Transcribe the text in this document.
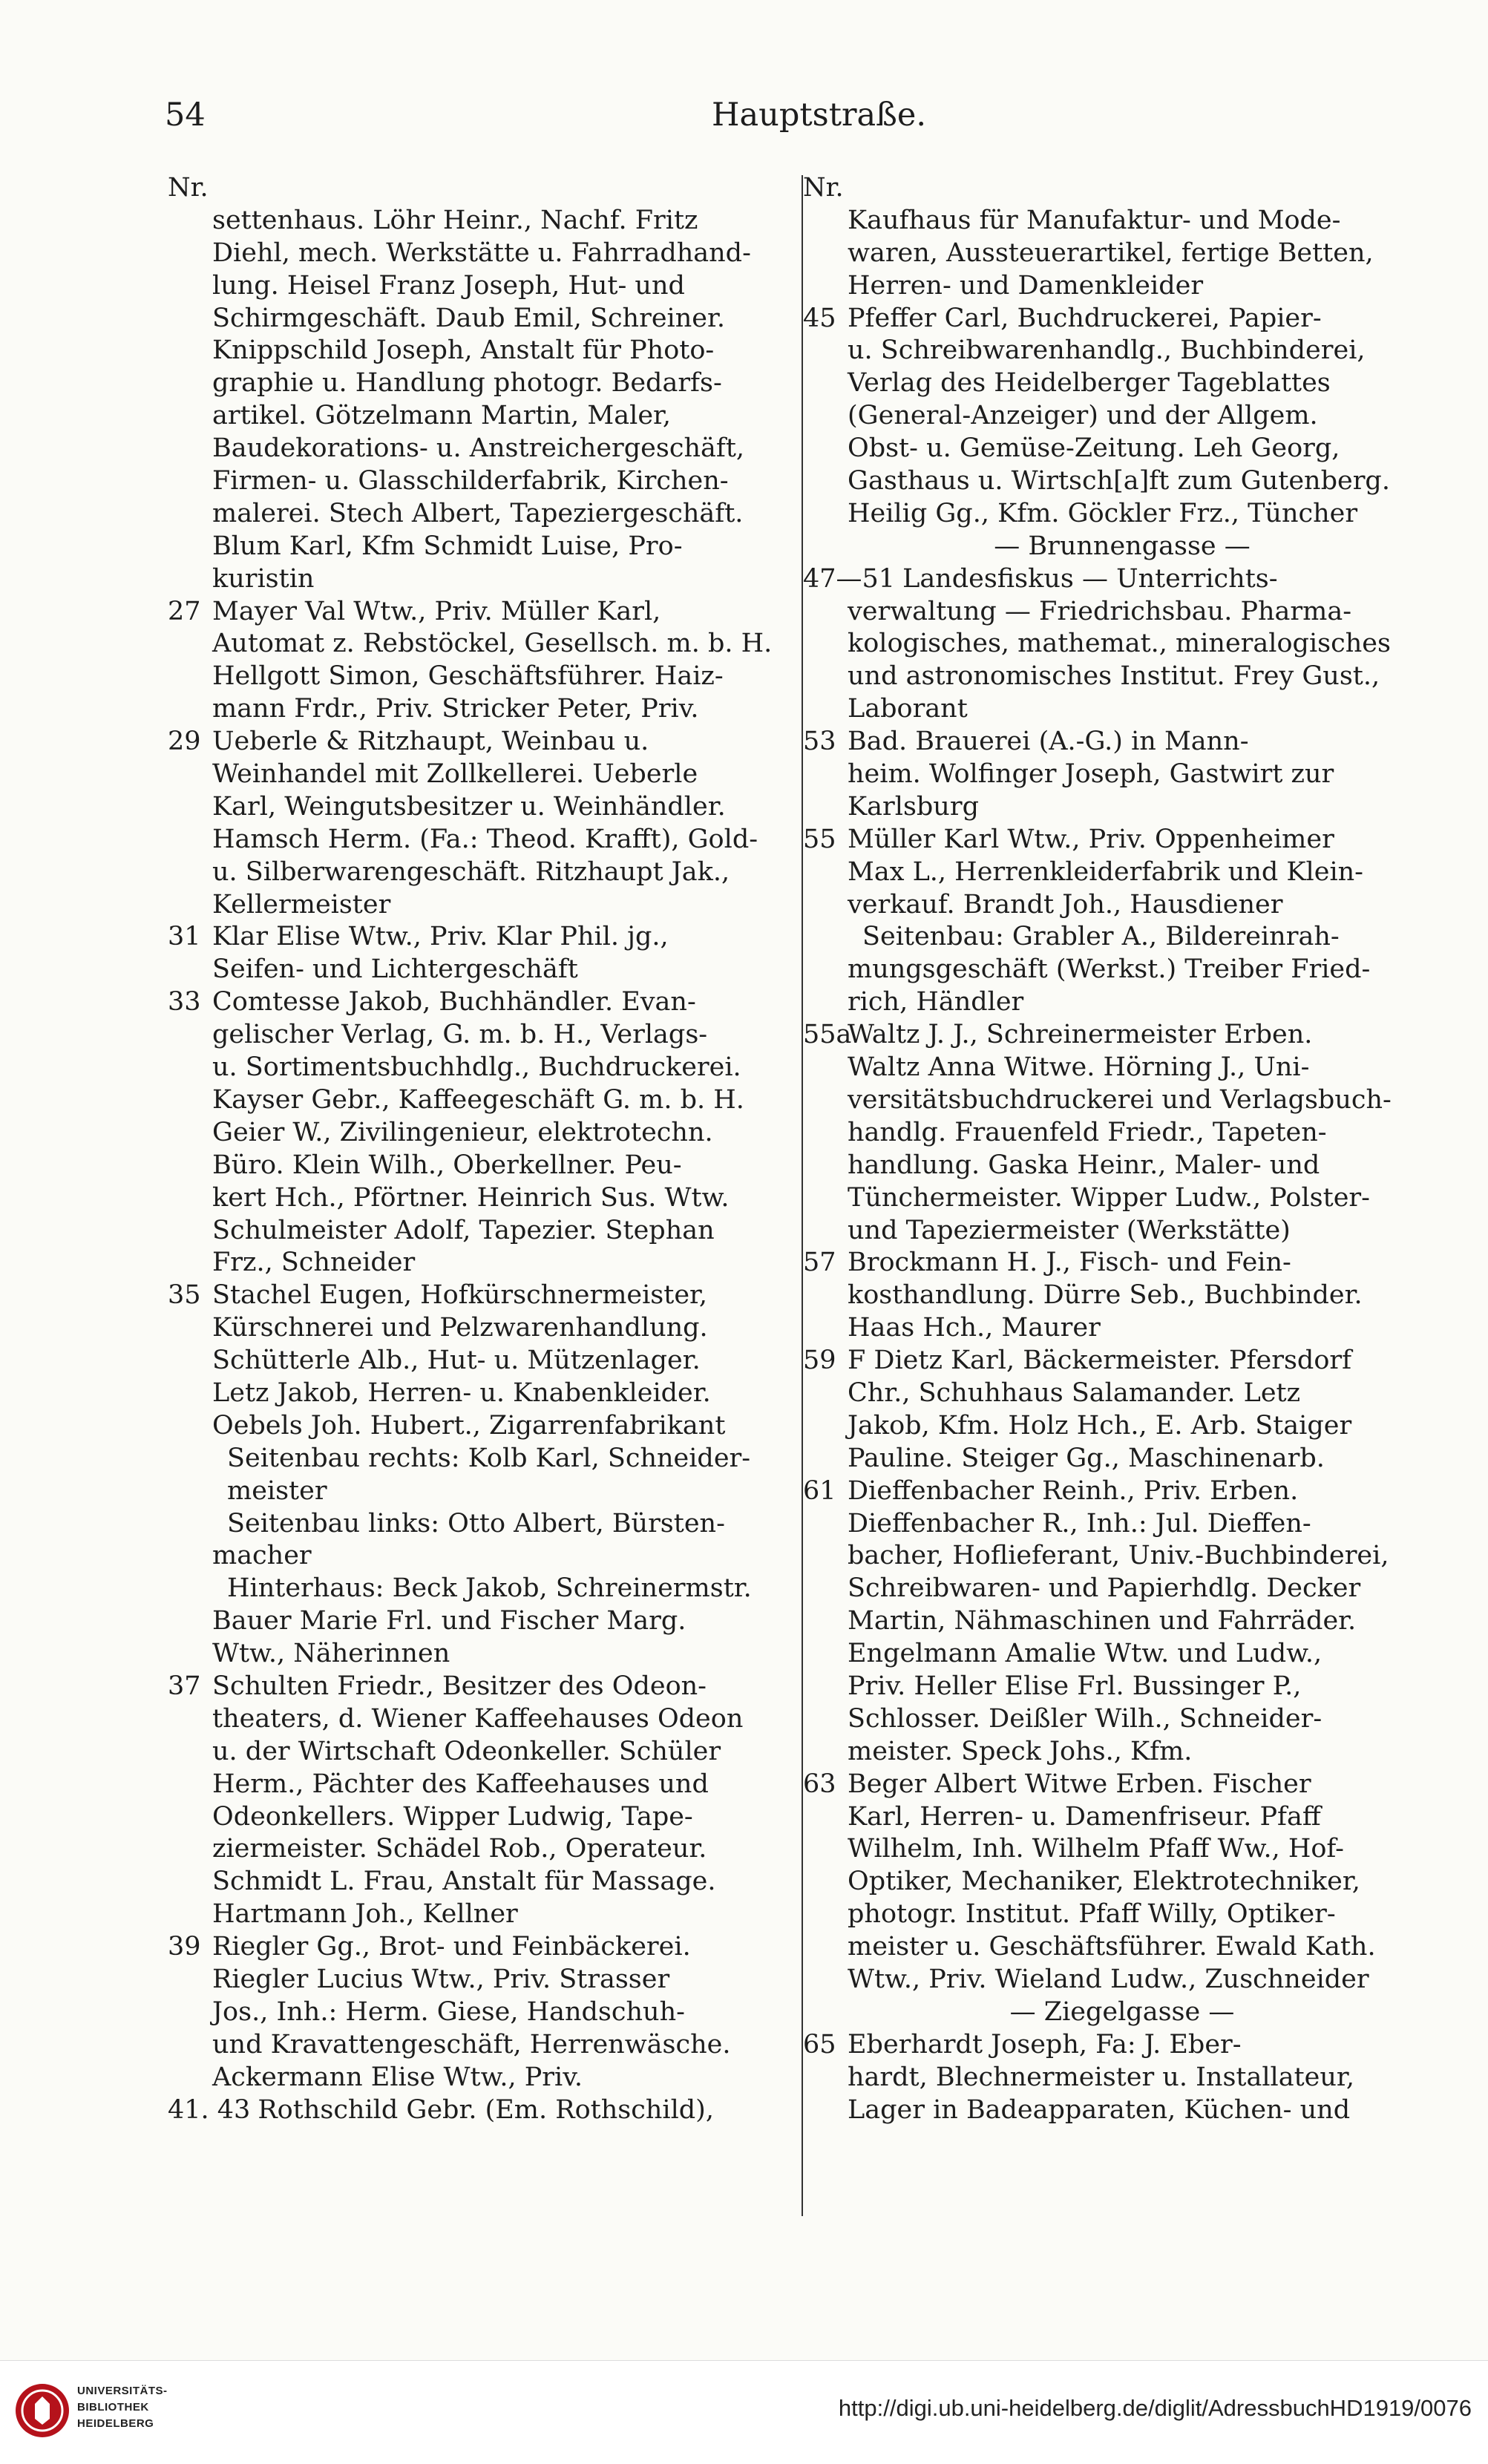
54	Hauptstraße.
Nr.
settenhaus. Löhr Heinr., Nachf. Fritz
Diehl, mech. Werkstätte u. Fahrradhand-
lung. Heisel Franz Joseph, Hut- und
Schirmgeschäft. Daub Emil, Schreiner.
Knippschild Joseph, Anstalt für Photo-
graphie u. Handlung photogr. Bedarfs-
artikel. Götzelmann Martin, Maler,
Baudekorations- u. Anstreichergeschäft,
Firmen- u. Glasschilderfabrik, Kirchen-
malerei. Stech Albert, Tapeziergeschäft.
Blum Karl, Kfm Schmidt Luise, Pro-
kuristin
27 Mayer Val Wtw., Priv. Müller Karl,
Automat z. Rebstöckel, Gesellsch. m. b. H.
Hellgott Simon, Geschäftsführer. Haiz-
mann Frdr., Priv. Stricker Peter, Priv.
29 Ueberle & Ritzhaupt, Weinbau u.
Weinhandel mit Zollkellerei. Ueberle
Karl, Weingutsbesitzer u. Weinhändler.
Hamsch Herm. (Fa.: Theod. Krafft), Gold-
u. Silberwarengeschäft. Ritzhaupt Jak.,
Kellermeister
31 Klar Elise Wtw., Priv. Klar Phil. jg.,
Seifen- und Lichtergeschäft
33 Comtesse Jakob, Buchhändler. Evan-
gelischer Verlag, G. m. b. H., Verlags-
u. Sortimentsbuchhdlg., Buchdruckerei.
Kayser Gebr., Kaffeegeschäft G. m. b. H.
Geier W., Zivilingenieur, elektrotechn.
Büro. Klein Wilh., Oberkellner. Peu-
kert Hch., Pförtner. Heinrich Sus. Wtw.
Schulmeister Adolf, Tapezier. Stephan
Frz., Schneider
35 Stachel Eugen, Hofkürschnermeister,
Kürschnerei und Pelzwarenhandlung.
Schütterle Alb., Hut- u. Mützenlager.
Letz Jakob, Herren- u. Knabenkleider.
Oebels Joh. Hubert., Zigarrenfabrikant
Seitenbau rechts: Kolb Karl, Schneider-
meister
Seitenbau links: Otto Albert, Bürsten-
macher
Hinterhaus: Beck Jakob, Schreinermstr.
Bauer Marie Frl. und Fischer Marg.
Wtw., Näherinnen
37 Schulten Friedr., Besitzer des Odeon-
theaters, d. Wiener Kaffeehauses Odeon
u. der Wirtschaft Odeonkeller. Schüler
Herm., Pächter des Kaffeehauses und
Odeonkellers. Wipper Ludwig, Tape-
ziermeister. Schädel Rob., Operateur.
Schmidt L. Frau, Anstalt für Massage.
Hartmann Joh., Kellner
39 Riegler Gg., Brot- und Feinbäckerei.
Riegler Lucius Wtw., Priv. Strasser
Jos., Inh.: Herm. Giese, Handschuh-
und Kravattengeschäft, Herrenwäsche.
Ackermann Elise Wtw., Priv.
41. 43 Rothschild Gebr. (Em. Rothschild),
Nr.
Kaufhaus für Manufaktur- und Mode-
waren, Aussteuerartikel, fertige Betten,
Herren- und Damenkleider
45 Pfeffer Carl, Buchdruckerei, Papier-
u. Schreibwarenhandlg., Buchbinderei,
Verlag des Heidelberger Tageblattes
(General-Anzeiger) und der Allgem.
Obst- u. Gemüse-Zeitung. Leh Georg,
Gasthaus u. Wirtsch[a]ft zum Gutenberg.
Heilig Gg., Kfm. Göckler Frz., Tüncher
— Brunnengasse —
47—51 Landesfiskus — Unterrichts-
verwaltung — Friedrichsbau. Pharma-
kologisches, mathemat., mineralogisches
und astronomisches Institut. Frey Gust.,
Laborant
53 Bad. Brauerei (A.-G.) in Mann-
heim. Wolfinger Joseph, Gastwirt zur
Karlsburg
55 Müller Karl Wtw., Priv. Oppenheimer
Max L., Herrenkleiderfabrik und Klein-
verkauf. Brandt Joh., Hausdiener
Seitenbau: Grabler A., Bildereinrah-
mungsgeschäft (Werkst.) Treiber Fried-
rich, Händler
55aWaltz J. J., Schreinermeister Erben.
Waltz Anna Witwe. Hörning J., Uni-
versitätsbuchdruckerei und Verlagsbuch-
handlg. Frauenfeld Friedr., Tapeten-
handlung. Gaska Heinr., Maler- und
Tünchermeister. Wipper Ludw., Polster-
und Tapeziermeister (Werkstätte)
57 Brockmann H. J., Fisch- und Fein-
kosthandlung. Dürre Seb., Buchbinder.
Haas Hch., Maurer
59 F Dietz Karl, Bäckermeister. Pfersdorf
Chr., Schuhhaus Salamander. Letz
Jakob, Kfm. Holz Hch., E. Arb. Staiger
Pauline. Steiger Gg., Maschinenarb.
61 Dieffenbacher Reinh., Priv. Erben.
Dieffenbacher R., Inh.: Jul. Dieffen-
bacher, Hoflieferant, Univ.-Buchbinderei,
Schreibwaren- und Papierhdlg. Decker
Martin, Nähmaschinen und Fahrräder.
Engelmann Amalie Wtw. und Ludw.,
Priv. Heller Elise Frl. Bussinger P.,
Schlosser. Deißler Wilh., Schneider-
meister. Speck Johs., Kfm.
63 Beger Albert Witwe Erben. Fischer
Karl, Herren- u. Damenfriseur. Pfaff
Wilhelm, Inh. Wilhelm Pfaff Ww., Hof-
Optiker, Mechaniker, Elektrotechniker,
photogr. Institut. Pfaff Willy, Optiker-
meister u. Geschäftsführer. Ewald Kath.
Wtw., Priv. Wieland Ludw., Zuschneider
— Ziegelgasse —
65 Eberhardt Joseph, Fa: J. Eber-
hardt, Blechnermeister u. Installateur,
Lager in Badeapparaten, Küchen- und
UNIVERSITÄTS-
BIBLIOTHEK
HEIDELBERG
http://digi.ub.uni-heidelberg.de/diglit/AdressbuchHD1919/0076
